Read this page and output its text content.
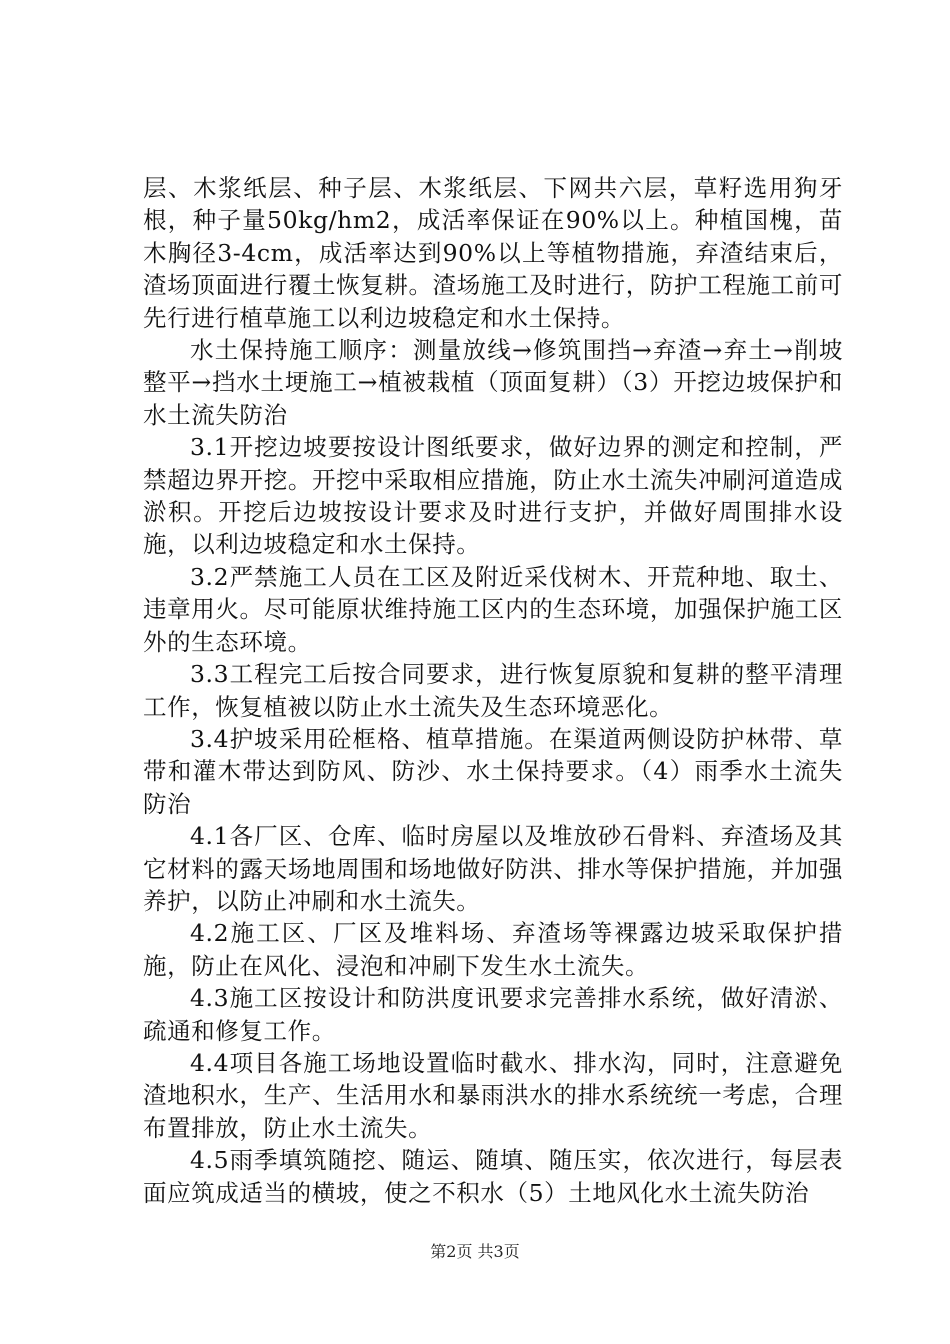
层、木浆纸层、种子层、木浆纸层、下网共六层，草籽选用狗牙根，种子量50kg/hm2，成活率保证在90%以上。种植国槐，苗木胸径3-4cm，成活率达到90%以上等植物措施，弃渣结束后，渣场顶面进行覆土恢复耕。渣场施工及时进行，防护工程施工前可先行进行植草施工以利边坡稳定和水土保持。

水土保持施工顺序：测量放线→修筑围挡→弃渣→弃土→削坡整平→挡水土埂施工→植被栽植（顶面复耕）（3）开挖边坡保护和水土流失防治

3.1开挖边坡要按设计图纸要求，做好边界的测定和控制，严禁超边界开挖。开挖中采取相应措施，防止水土流失冲刷河道造成淤积。开挖后边坡按设计要求及时进行支护，并做好周围排水设施，以利边坡稳定和水土保持。

3.2严禁施工人员在工区及附近采伐树木、开荒种地、取土、违章用火。尽可能原状维持施工区内的生态环境，加强保护施工区外的生态环境。

3.3工程完工后按合同要求，进行恢复原貌和复耕的整平清理工作，恢复植被以防止水土流失及生态环境恶化。

3.4护坡采用砼框格、植草措施。在渠道两侧设防护林带、草带和灌木带达到防风、防沙、水土保持要求。（4）雨季水土流失防治

4.1各厂区、仓库、临时房屋以及堆放砂石骨料、弃渣场及其它材料的露天场地周围和场地做好防洪、排水等保护措施，并加强养护，以防止冲刷和水土流失。

4.2施工区、厂区及堆料场、弃渣场等裸露边坡采取保护措施，防止在风化、浸泡和冲刷下发生水土流失。

4.3施工区按设计和防洪度讯要求完善排水系统，做好清淤、疏通和修复工作。

4.4项目各施工场地设置临时截水、排水沟，同时，注意避免渣地积水，生产、生活用水和暴雨洪水的排水系统统一考虑，合理布置排放，防止水土流失。

4.5雨季填筑随挖、随运、随填、随压实，依次进行，每层表面应筑成适当的横坡，使之不积水（5）土地风化水土流失防治

第2页 共3页
